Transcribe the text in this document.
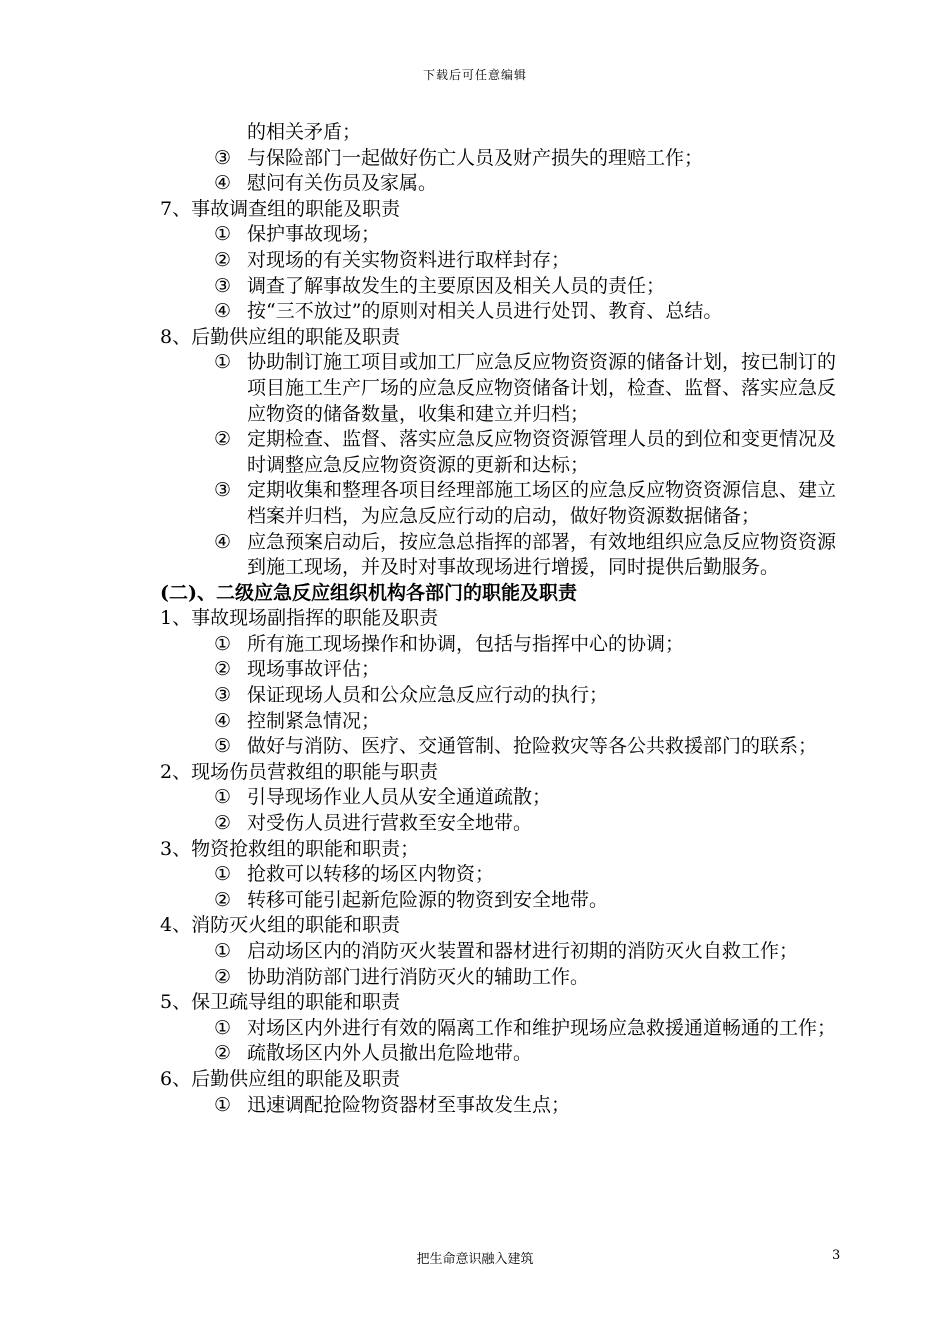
下载后可任意编辑
的相关矛盾；
③ 与保险部门一起做好伤亡人员及财产损失的理赔工作；
④ 慰问有关伤员及家属。
7、事故调查组的职能及职责
① 保护事故现场；
② 对现场的有关实物资料进行取样封存；
③ 调查了解事故发生的主要原因及相关人员的责任；
④ 按“三不放过”的原则对相关人员进行处罚、教育、总结。
8、后勤供应组的职能及职责
① 协助制订施工项目或加工厂应急反应物资资源的储备计划，按已制订的项目施工生产厂场的应急反应物资储备计划，检查、监督、落实应急反应物资的储备数量，收集和建立并归档；
② 定期检查、监督、落实应急反应物资资源管理人员的到位和变更情况及时调整应急反应物资资源的更新和达标；
③ 定期收集和整理各项目经理部施工场区的应急反应物资资源信息、建立档案并归档，为应急反应行动的启动，做好物资源数据储备；
④ 应急预案启动后，按应急总指挥的部署，有效地组织应急反应物资资源到施工现场，并及时对事故现场进行增援，同时提供后勤服务。
(二)、二级应急反应组织机构各部门的职能及职责
1、事故现场副指挥的职能及职责
① 所有施工现场操作和协调，包括与指挥中心的协调；
② 现场事故评估；
③ 保证现场人员和公众应急反应行动的执行；
④ 控制紧急情况；
⑤ 做好与消防、医疗、交通管制、抢险救灾等各公共救援部门的联系；
2、现场伤员营救组的职能与职责
① 引导现场作业人员从安全通道疏散；
② 对受伤人员进行营救至安全地带。
3、物资抢救组的职能和职责；
① 抢救可以转移的场区内物资；
② 转移可能引起新危险源的物资到安全地带。
4、消防灭火组的职能和职责
① 启动场区内的消防灭火装置和器材进行初期的消防灭火自救工作；
② 协助消防部门进行消防灭火的辅助工作。
5、保卫疏导组的职能和职责
① 对场区内外进行有效的隔离工作和维护现场应急救援通道畅通的工作；
② 疏散场区内外人员撤出危险地带。
6、后勤供应组的职能及职责
① 迅速调配抢险物资器材至事故发生点；
把生命意识融入建筑	3
